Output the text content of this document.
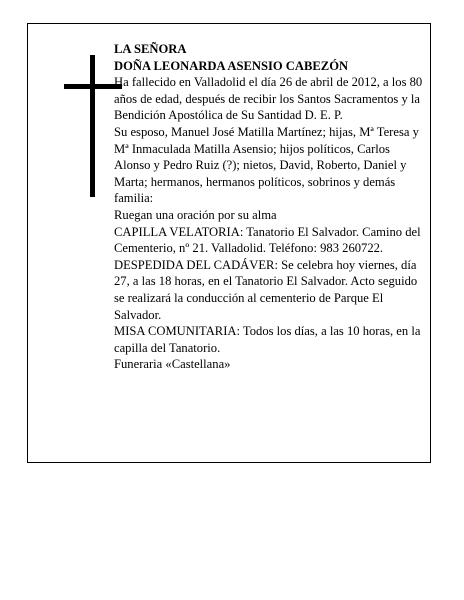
LA SEÑORA

DOÑA LEONARDA ASENSIO CABEZÓN

Ha fallecido en Valladolid el día 26 de abril de 2012, a los 80 años de edad, después de recibir los Santos Sacramentos y la Bendición Apostólica de Su Santidad D. E. P.

Su esposo, Manuel José Matilla Martínez; hijas, Mª Teresa y Mª Inmaculada Matilla Asensio; hijos políticos, Carlos Alonso y Pedro Ruiz (?); nietos, David, Roberto, Daniel y Marta; hermanos, hermanos políticos, sobrinos y demás familia:

Ruegan una oración por su alma

CAPILLA VELATORIA: Tanatorio El Salvador. Camino del Cementerio, nº 21. Valladolid. Teléfono: 983 260722.

DESPEDIDA DEL CADÁVER: Se celebra hoy viernes, día 27, a las 18 horas, en el Tanatorio El Salvador. Acto seguido se realizará la conducción al cementerio de Parque El Salvador.

MISA COMUNITARIA: Todos los días, a las 10 horas, en la capilla del Tanatorio.

Funeraria «Castellana»
